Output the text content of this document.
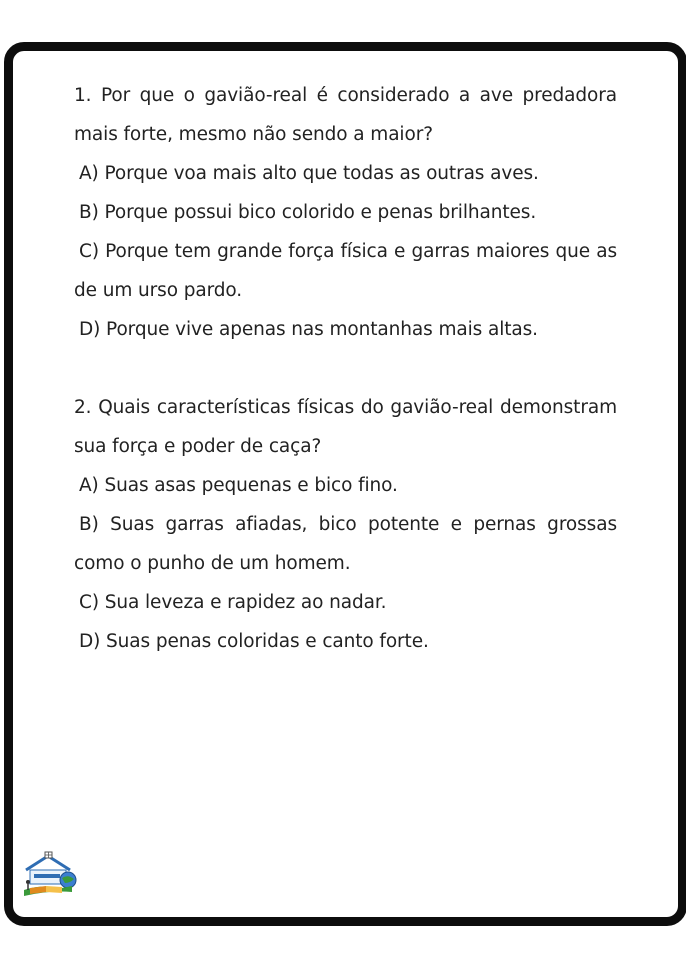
1. Por que o gavião-real é considerado a ave predadora mais forte, mesmo não sendo a maior?

A) Porque voa mais alto que todas as outras aves.

B) Porque possui bico colorido e penas brilhantes.

C) Porque tem grande força física e garras maiores que as de um urso pardo.

D) Porque vive apenas nas montanhas mais altas.

2. Quais características físicas do gavião-real demonstram sua força e poder de caça?

A) Suas asas pequenas e bico fino.

B) Suas garras afiadas, bico potente e pernas grossas como o punho de um homem.

C) Sua leveza e rapidez ao nadar.

D) Suas penas coloridas e canto forte.
